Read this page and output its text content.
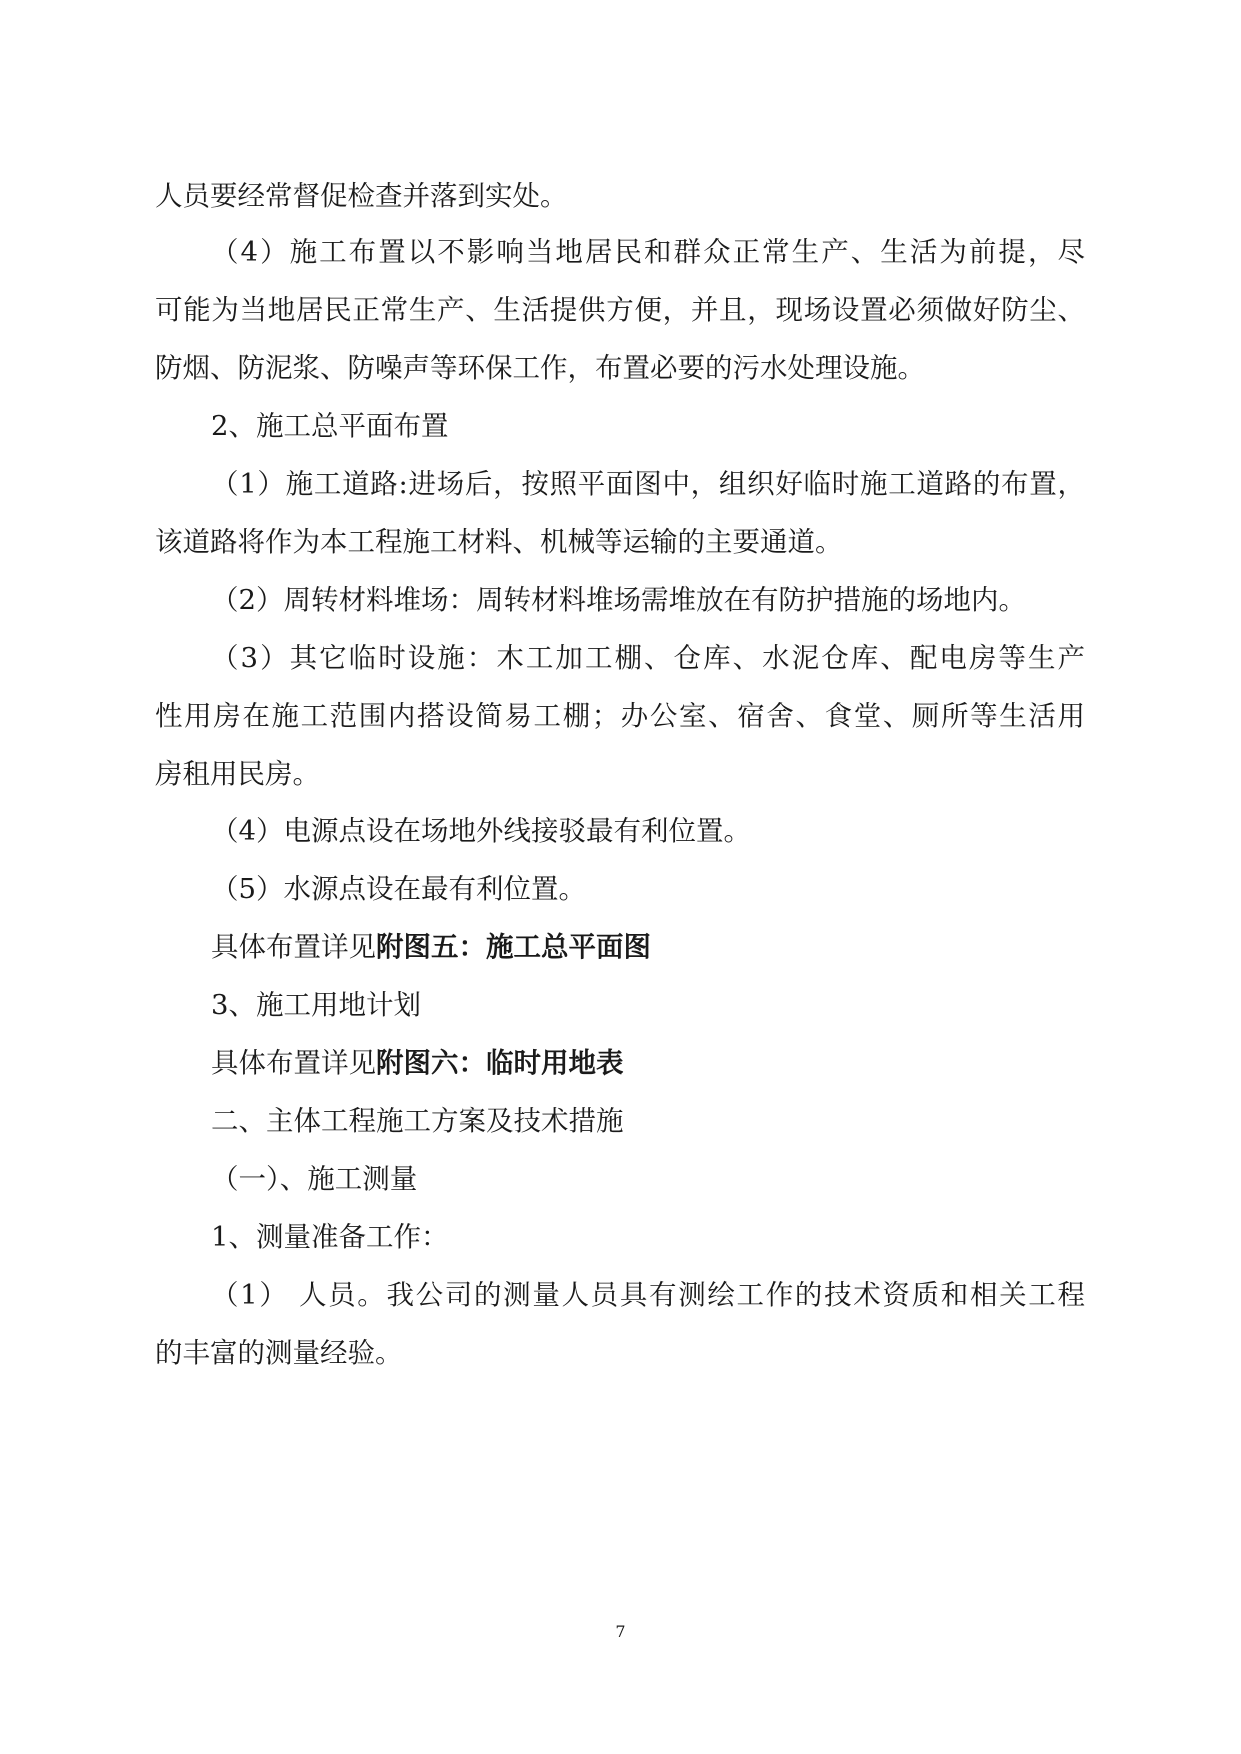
人员要经常督促检查并落到实处。
（4）施工布置以不影响当地居民和群众正常生产、生活为前提，尽
可能为当地居民正常生产、生活提供方便，并且，现场设置必须做好防尘、
防烟、防泥浆、防噪声等环保工作，布置必要的污水处理设施。
2、施工总平面布置
（1）施工道路:进场后，按照平面图中，组织好临时施工道路的布置，
该道路将作为本工程施工材料、机械等运输的主要通道。
（2）周转材料堆场：周转材料堆场需堆放在有防护措施的场地内。
（3）其它临时设施：木工加工棚、仓库、水泥仓库、配电房等生产
性用房在施工范围内搭设简易工棚；办公室、宿舍、食堂、厕所等生活用
房租用民房。
（4）电源点设在场地外线接驳最有利位置。
（5）水源点设在最有利位置。
具体布置详见附图五：施工总平面图
3、施工用地计划
具体布置详见附图六：临时用地表
二、主体工程施工方案及技术措施
（一）、施工测量
1、测量准备工作：
（1） 人员。我公司的测量人员具有测绘工作的技术资质和相关工程
的丰富的测量经验。
7
